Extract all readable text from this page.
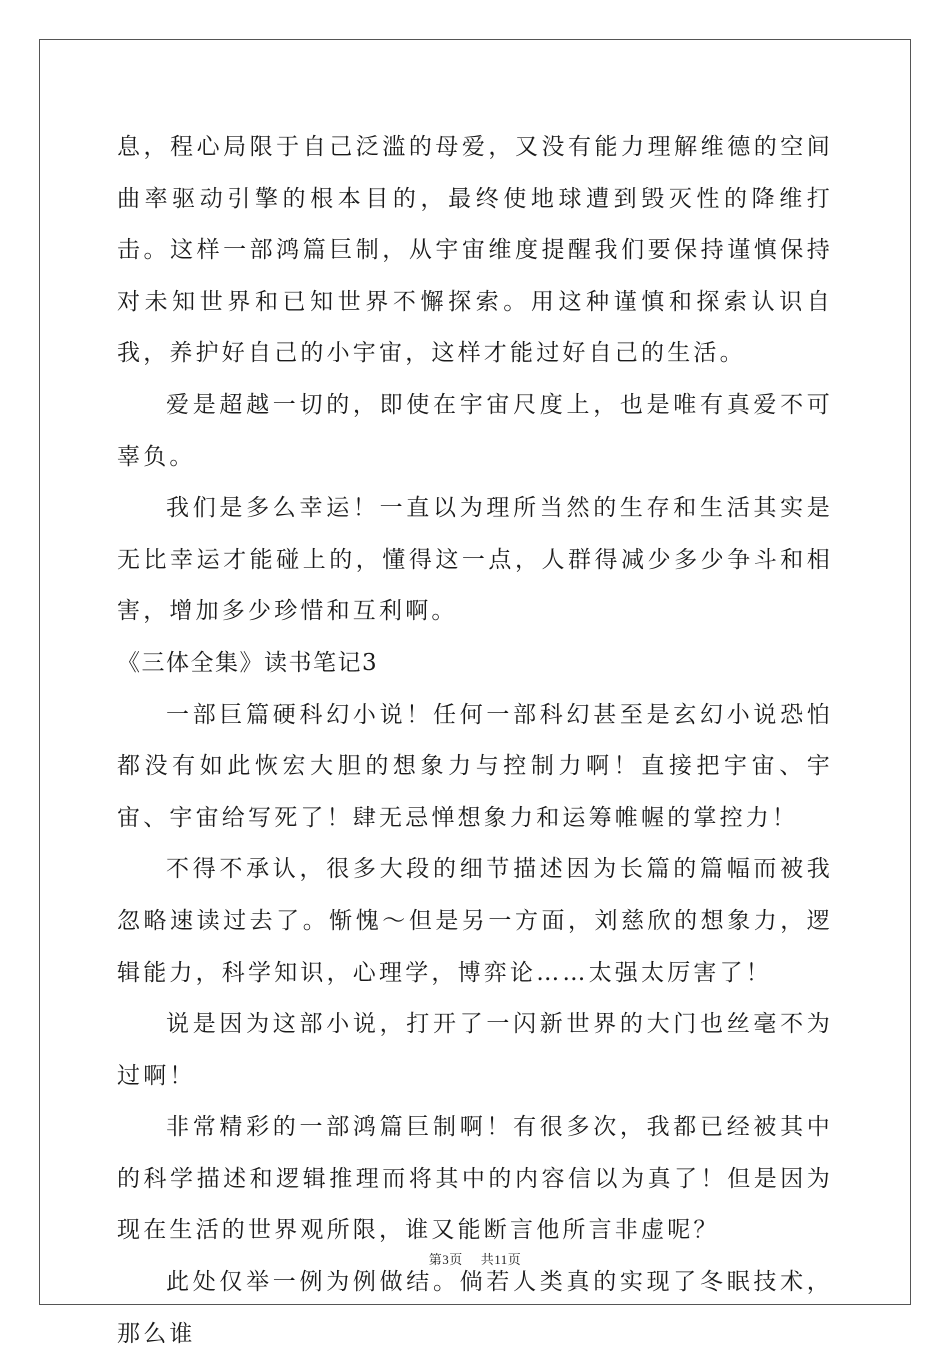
息，程心局限于自己泛滥的母爱，又没有能力理解维德的空间曲率驱动引擎的根本目的，最终使地球遭到毁灭性的降维打击。这样一部鸿篇巨制，从宇宙维度提醒我们要保持谨慎保持对未知世界和已知世界不懈探索。用这种谨慎和探索认识自我，养护好自己的小宇宙，这样才能过好自己的生活。

爱是超越一切的，即使在宇宙尺度上，也是唯有真爱不可辜负。

我们是多么幸运！一直以为理所当然的生存和生活其实是无比幸运才能碰上的，懂得这一点，人群得减少多少争斗和相害，增加多少珍惜和互利啊。

《三体全集》读书笔记3

一部巨篇硬科幻小说！任何一部科幻甚至是玄幻小说恐怕都没有如此恢宏大胆的想象力与控制力啊！直接把宇宙、宇宙、宇宙给写死了！肆无忌惮想象力和运筹帷幄的掌控力！

不得不承认，很多大段的细节描述因为长篇的篇幅而被我忽略速读过去了。惭愧～但是另一方面，刘慈欣的想象力，逻辑能力，科学知识，心理学，博弈论……太强太厉害了！

说是因为这部小说，打开了一闪新世界的大门也丝毫不为过啊！

非常精彩的一部鸿篇巨制啊！有很多次，我都已经被其中的科学描述和逻辑推理而将其中的内容信以为真了！但是因为现在生活的世界观所限，谁又能断言他所言非虚呢？

此处仅举一例为例做结。倘若人类真的实现了冬眠技术，那么谁

第3页 共11页
